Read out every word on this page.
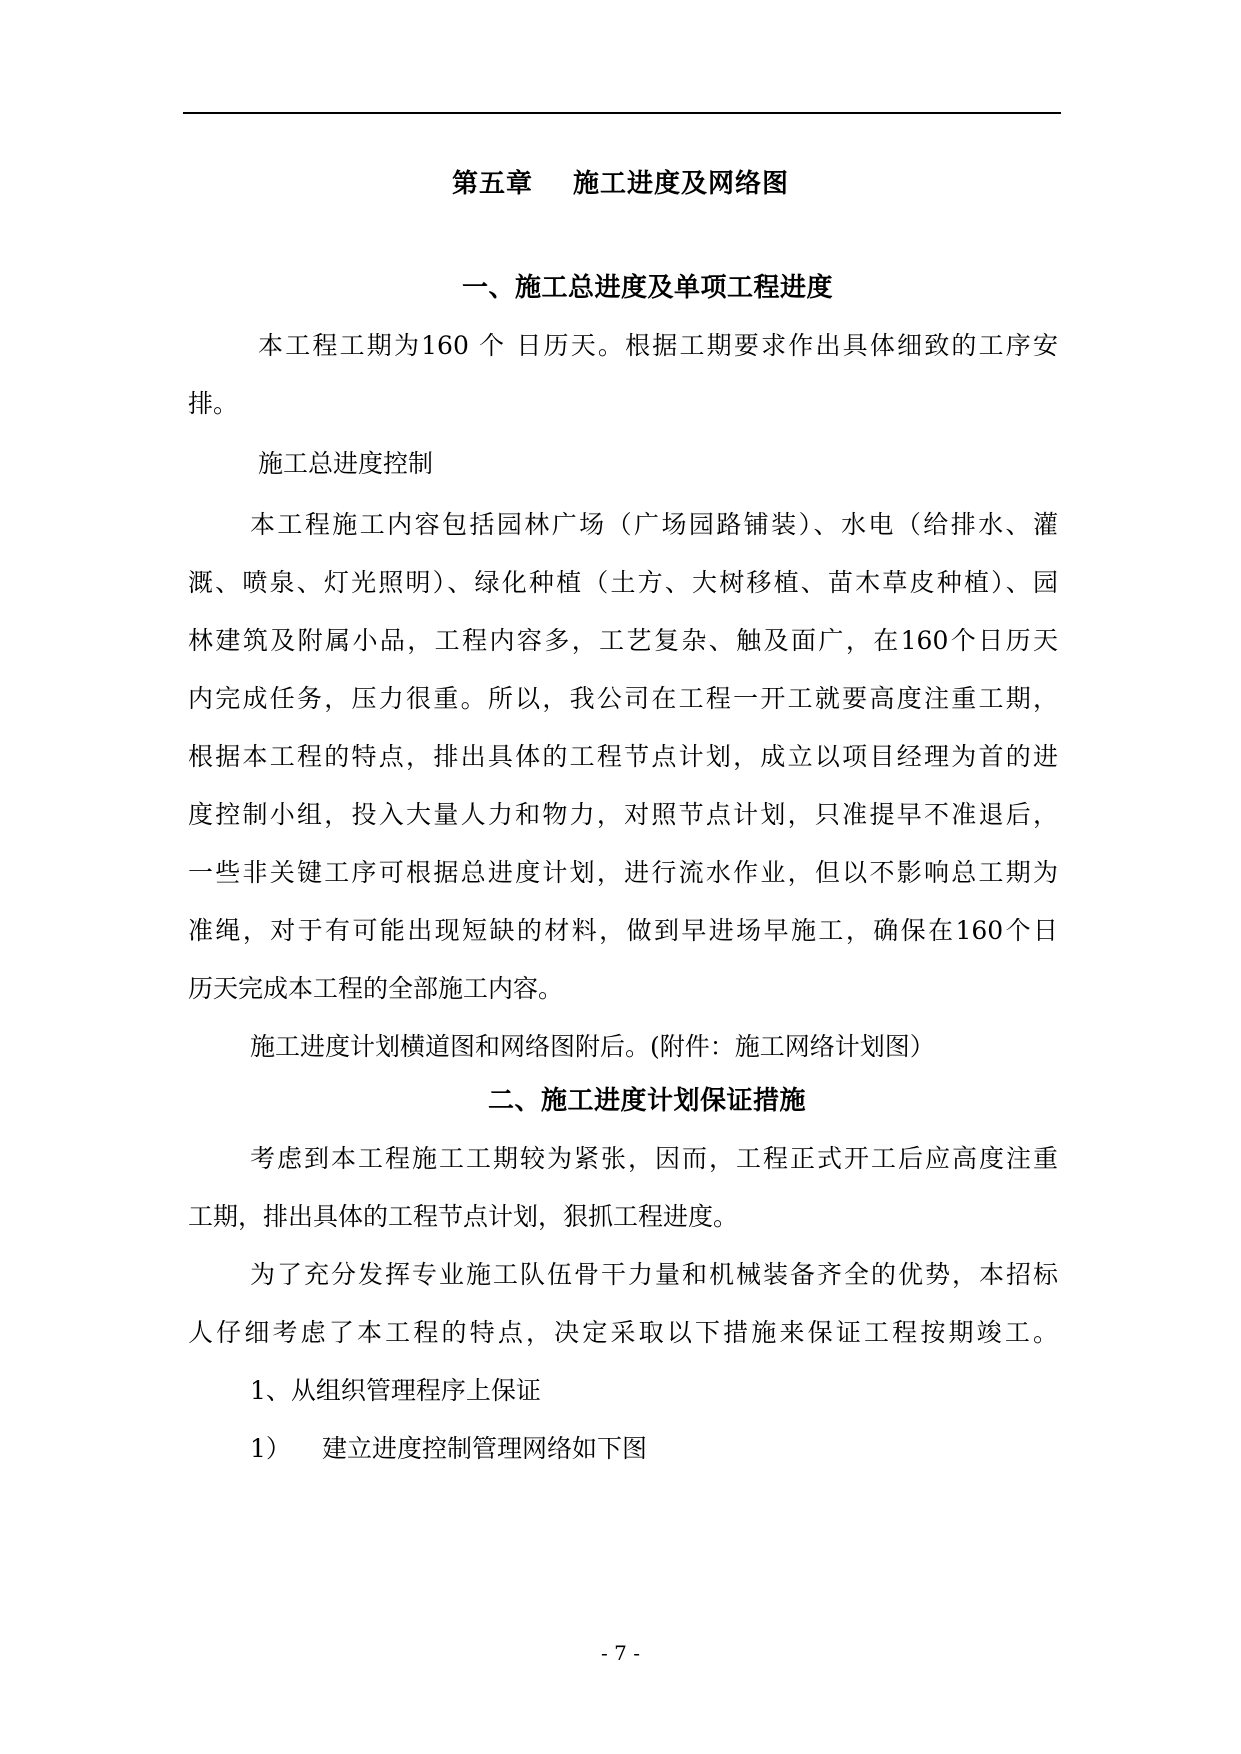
第五章 施工进度及网络图
一、施工总进度及单项工程进度
本工程工期为160 个 日历天。根据工期要求作出具体细致的工序安
排。
施工总进度控制
本工程施工内容包括园林广场（广场园路铺装）、水电（给排水、灌
溉、喷泉、灯光照明）、绿化种植（土方、大树移植、苗木草皮种植）、园
林建筑及附属小品，工程内容多，工艺复杂、触及面广，在160个日历天
内完成任务，压力很重。所以，我公司在工程一开工就要高度注重工期，
根据本工程的特点，排出具体的工程节点计划，成立以项目经理为首的进
度控制小组，投入大量人力和物力，对照节点计划，只准提早不准退后，
一些非关键工序可根据总进度计划，进行流水作业，但以不影响总工期为
准绳，对于有可能出现短缺的材料，做到早进场早施工，确保在160个日
历天完成本工程的全部施工内容。
施工进度计划横道图和网络图附后。(附件：施工网络计划图）
二、施工进度计划保证措施
考虑到本工程施工工期较为紧张，因而，工程正式开工后应高度注重
工期，排出具体的工程节点计划，狠抓工程进度。
为了充分发挥专业施工队伍骨干力量和机械装备齐全的优势，本招标
人仔细考虑了本工程的特点，决定采取以下措施来保证工程按期竣工。
1、从组织管理程序上保证
1） 建立进度控制管理网络如下图
- 7 -
